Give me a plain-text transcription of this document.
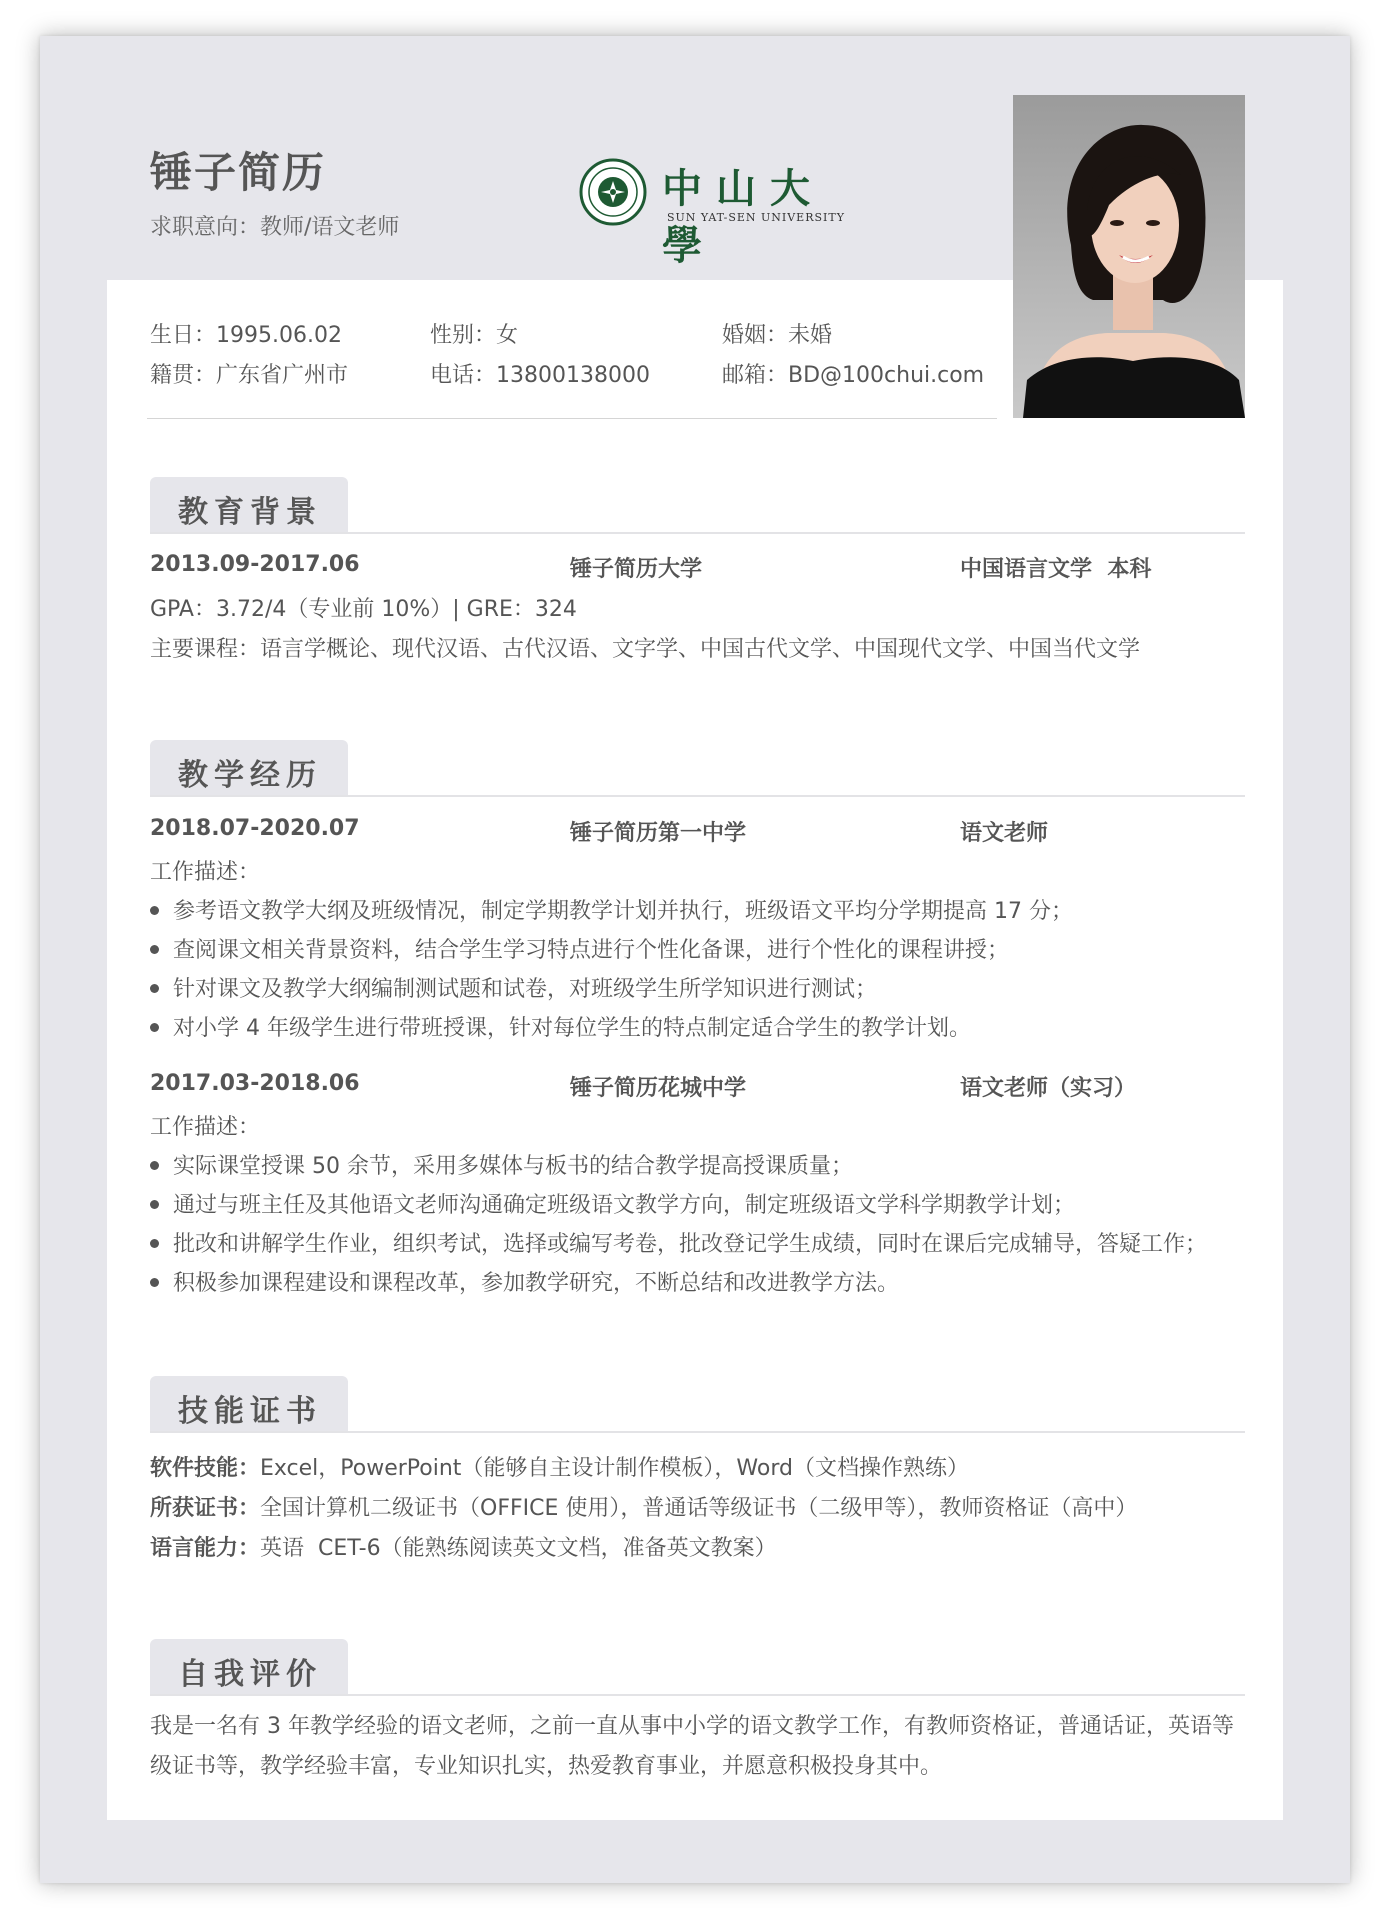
锤子简历
求职意向：教师/语文老师
中山大學
SUN YAT-SEN UNIVERSITY
生日：1995.06.02	性别：女	婚姻：未婚
籍贯：广东省广州市	电话：13800138000	邮箱：BD@100chui.com
教育背景
2013.09-2017.06	锤子简历大学	中国语言文学  本科
GPA：3.72/4（专业前 10%）| GRE：324
主要课程：语言学概论、现代汉语、古代汉语、文字学、中国古代文学、中国现代文学、中国当代文学
教学经历
2018.07-2020.07	锤子简历第一中学	语文老师
工作描述：
参考语文教学大纲及班级情况，制定学期教学计划并执行，班级语文平均分学期提高 17 分；
查阅课文相关背景资料，结合学生学习特点进行个性化备课，进行个性化的课程讲授；
针对课文及教学大纲编制测试题和试卷，对班级学生所学知识进行测试；
对小学 4 年级学生进行带班授课，针对每位学生的特点制定适合学生的教学计划。
2017.03-2018.06	锤子简历花城中学	语文老师（实习）
工作描述：
实际课堂授课 50 余节，采用多媒体与板书的结合教学提高授课质量；
通过与班主任及其他语文老师沟通确定班级语文教学方向，制定班级语文学科学期教学计划；
批改和讲解学生作业，组织考试，选择或编写考卷，批改登记学生成绩，同时在课后完成辅导，答疑工作；
积极参加课程建设和课程改革，参加教学研究，不断总结和改进教学方法。
技能证书
软件技能：Excel，PowerPoint（能够自主设计制作模板），Word（文档操作熟练）
所获证书：全国计算机二级证书（OFFICE 使用），普通话等级证书（二级甲等），教师资格证（高中）
语言能力：英语  CET-6（能熟练阅读英文文档，准备英文教案）
自我评价
我是一名有 3 年教学经验的语文老师，之前一直从事中小学的语文教学工作，有教师资格证，普通话证，英语等级证书等，教学经验丰富，专业知识扎实，热爱教育事业，并愿意积极投身其中。
